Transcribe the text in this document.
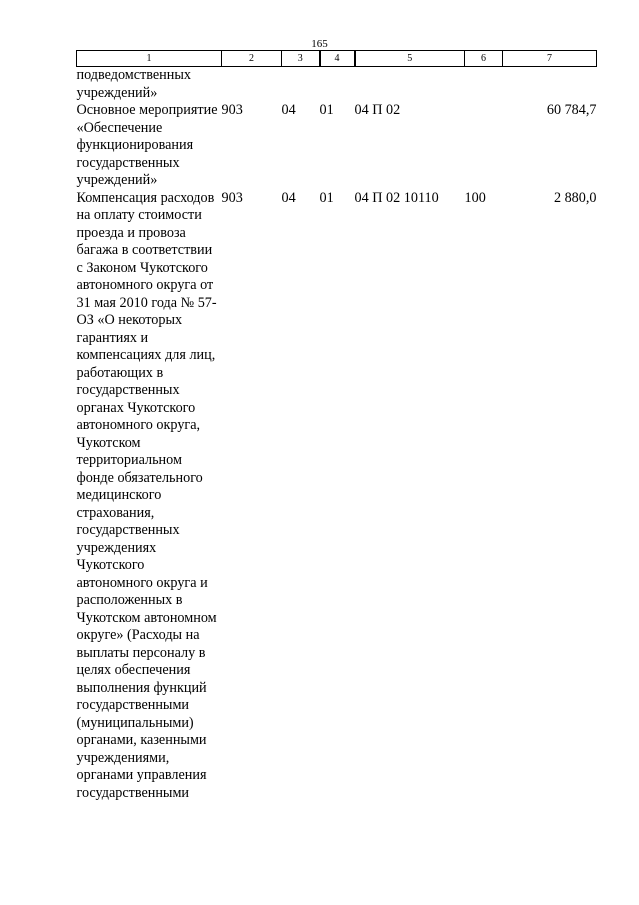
165
1	2	3	4	5	6	7
подведомственных учреждений»						
Основное мероприятие «Обеспечение функционирования государственных учреждений»	903	04	01	04 П 02		60 784,7
Компенсация расходов на оплату стоимости проезда и провоза багажа в соответствии с Законом Чукотского автономного округа от 31 мая 2010 года № 57-ОЗ «О некоторых гарантиях и компенсациях для лиц, работающих в государственных органах Чукотского автономного округа, Чукотском территориальном фонде обязательного медицинского страхования, государственных учреждениях Чукотского автономного округа и расположенных в Чукотском автономном округе» (Расходы на выплаты персоналу в целях обеспечения выполнения функций государственными (муниципальными) органами, казенными учреждениями, органами управления государственными	903	04	01	04 П 02 10110	100	2 880,0
